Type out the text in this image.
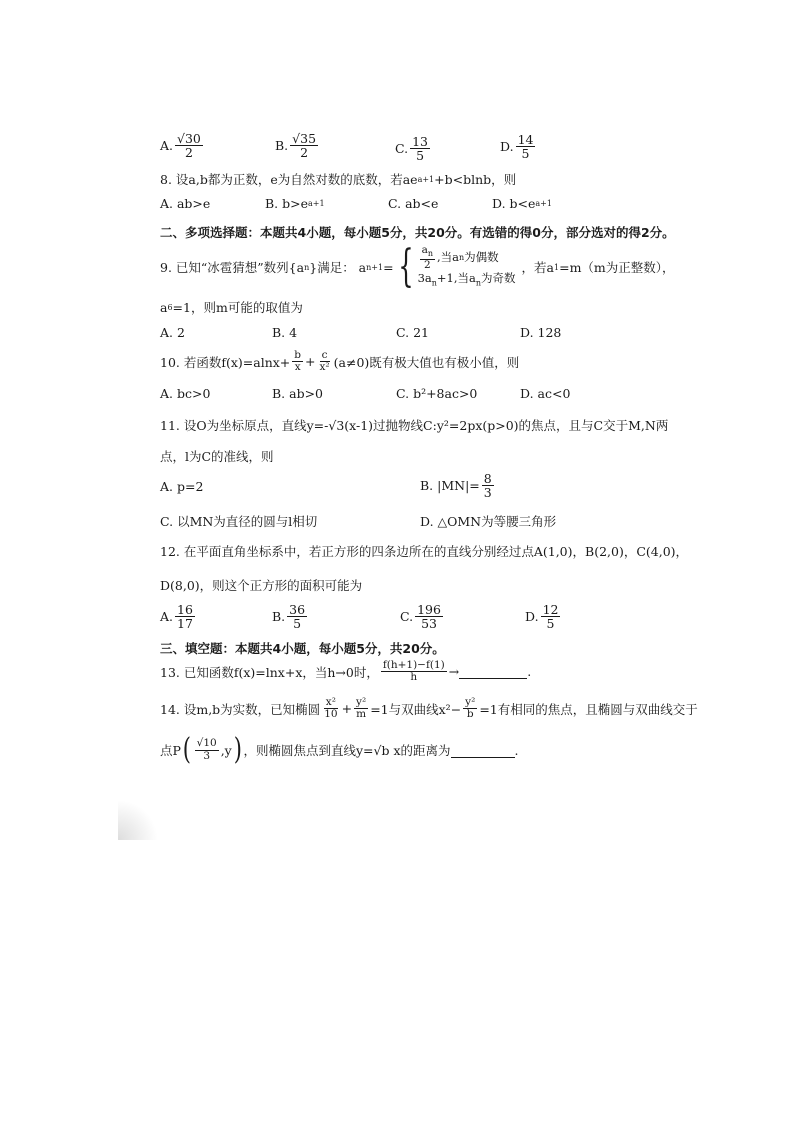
A. $\frac{√30}{2}$	B. $\frac{√35}{2}$	C. $\frac{13}{5}$	D. $\frac{14}{5}$
8. 设a,b都为正数，e为自然对数的底数，若ae a+1 +b<blnb，则
A. ab>e	B. b>e a+1	C. ab<e	D. b<e a+1
二、多项选择题：本题共4小题，每小题5分，共20分。有选错的得0分，部分选对的得2分。
9. 已知“冰雹猜想”数列{a n }满足： a n+1 = { $\frac{a_n}{2}$ ,当a n 为偶数
$3a_n+1$,当$a_n$为奇数
，若a 1 =m（m为正整数），
a 6 =1，则m可能的取值为
A. 2	B. 4	C. 21	D. 128
10. 若函数$f(x)=alnx+ \frac{b}{x} + \frac{c}{\text{x²}} (a\ne 0)$既有极大值也有极小值，则
A. bc>0	B. ab>0	C. b²+8ac>0	D. ac<0
11. 设O为坐标原点，直线y=-√3(x-1)过抛物线C:y²=2px(p>0)的焦点，且与C交于M,N两
点，l为C的准线，则
A. p=2	B. $|MN|= \frac{8}{3}$
C. 以MN为直径的圆与l相切	D. △OMN为等腰三角形
12. 在平面直角坐标系中，若正方形的四条边所在的直线分别经过点A(1,0)，B(2,0)，C(4,0)，
D(8,0)，则这个正方形的面积可能为
A. $\frac{16}{17}$	B. $\frac{36}{5}$	C. $\frac{196}{53}$	D. $\frac{12}{5}$
三、填空题：本题共4小题，每小题5分，共20分。
13. 已知函数f(x)=lnx+x，当h→0时， $\frac{f(h+1)-f(1)}{h}$ →	.
14. 设m,b为实数，已知椭圆 $\frac{\text{x²}}{10} + \frac{\text{y²}}{m} =1$与双曲线$x^2- \frac{\text{y²}}{b} =1$有相同的焦点，且椭圆与双曲线交于
点P ( $\frac{√10}{3} ,y$ ) ，则椭圆焦点到直线y=√b x的距离为	.
